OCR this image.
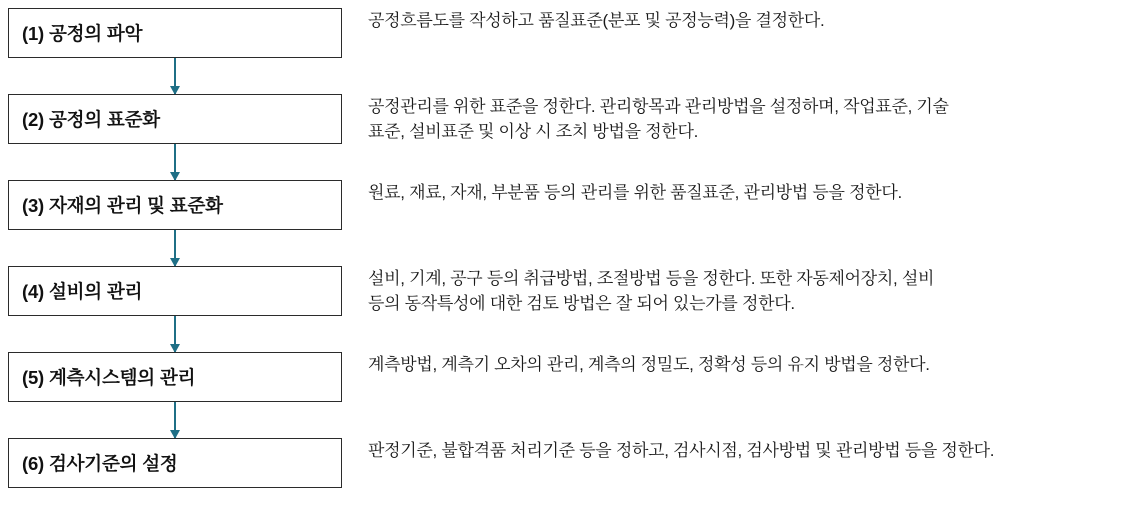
(1) 공정의 파악
공정흐름도를 작성하고 품질표준(분포 및 공정능력)을 결정한다.
(2) 공정의 표준화
공정관리를 위한 표준을 정한다. 관리항목과 관리방법을 설정하며, 작업표준, 기술
표준, 설비표준 및 이상 시 조치 방법을 정한다.
(3) 자재의 관리 및 표준화
원료, 재료, 자재, 부분품 등의 관리를 위한 품질표준, 관리방법 등을 정한다.
(4) 설비의 관리
설비, 기계, 공구 등의 취급방법, 조절방법 등을 정한다. 또한 자동제어장치, 설비
등의 동작특성에 대한 검토 방법은 잘 되어 있는가를 정한다.
(5) 계측시스템의 관리
계측방법, 계측기 오차의 관리, 계측의 정밀도, 정확성 등의 유지 방법을 정한다.
(6) 검사기준의 설정
판정기준, 불합격품 처리기준 등을 정하고, 검사시점, 검사방법 및 관리방법 등을 정한다.
